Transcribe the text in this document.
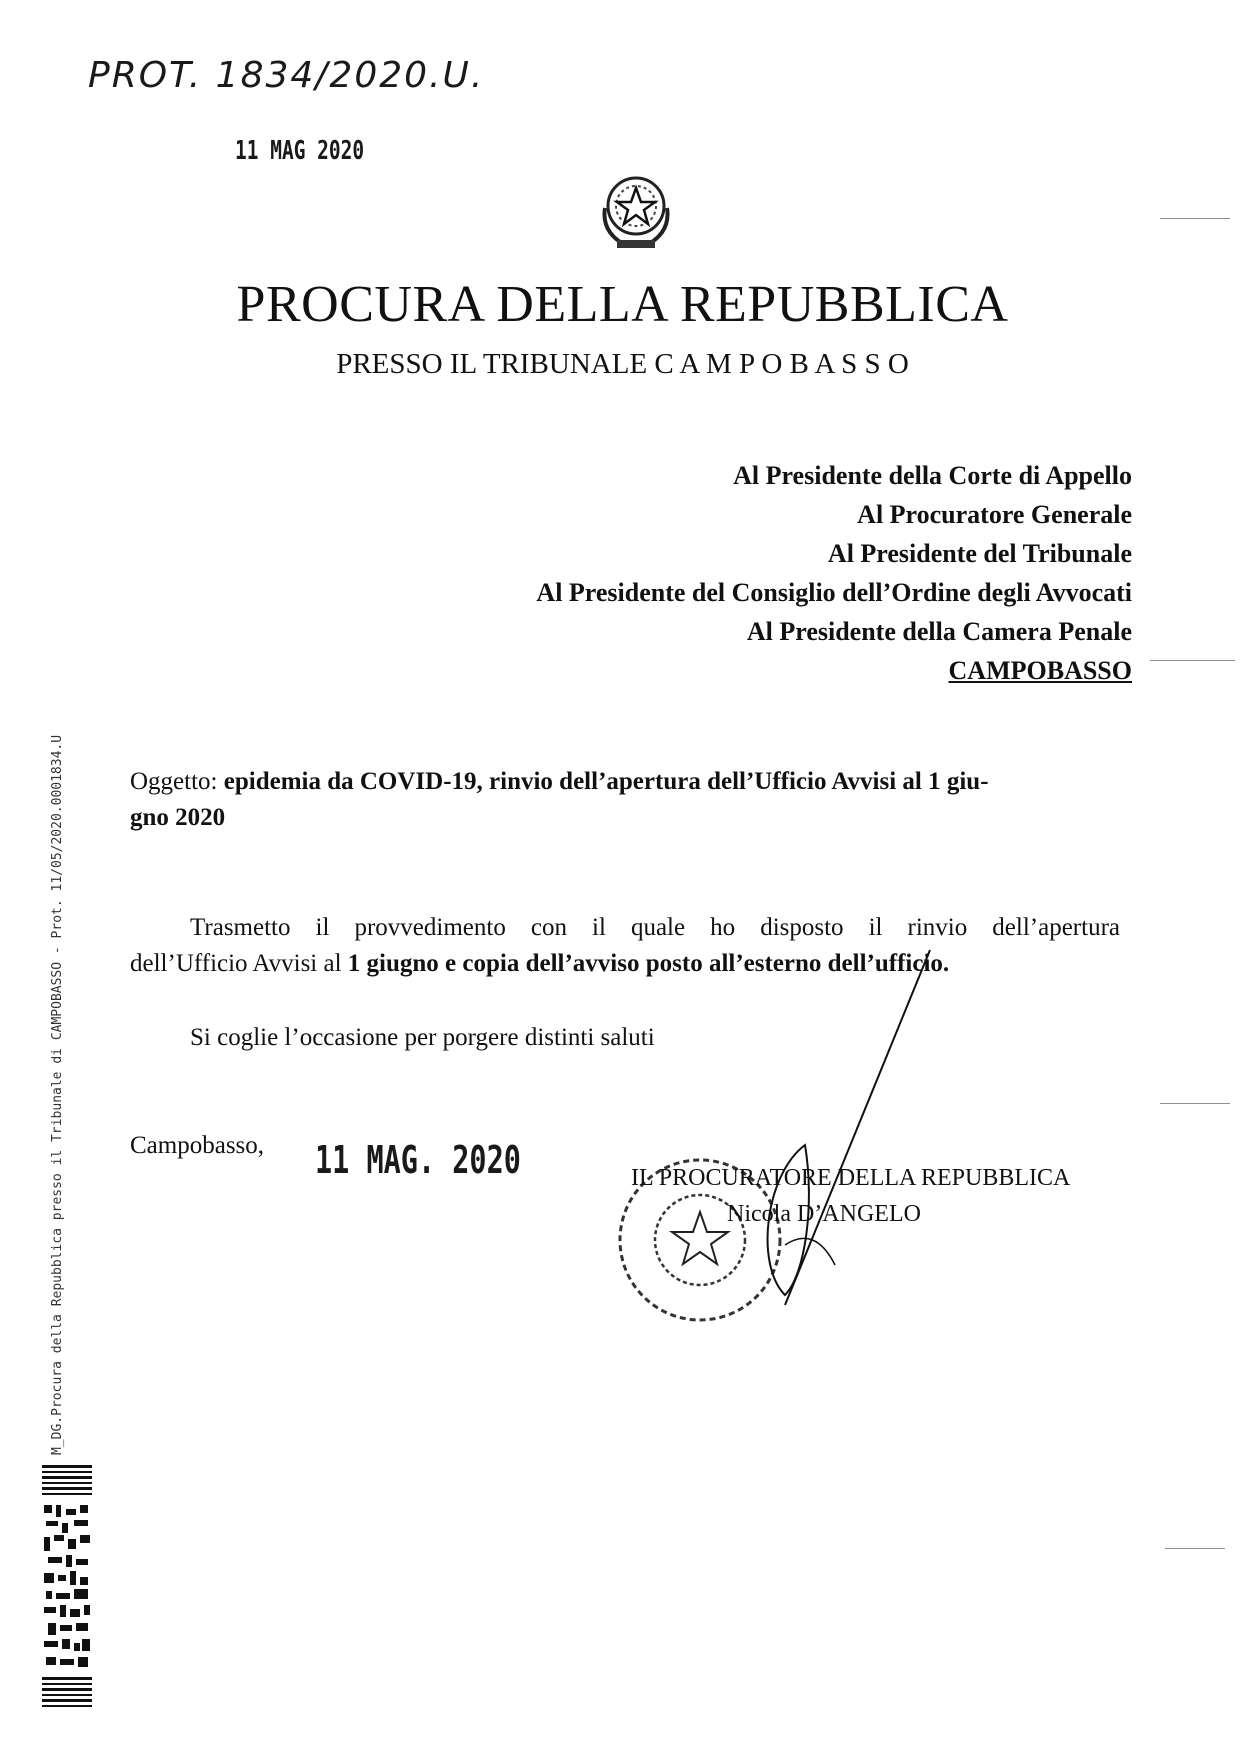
PROT. 1834/2020.U.
11 MAG 2020
PROCURA DELLA REPUBBLICA
PRESSO IL TRIBUNALE C A M P O B A S S O
Al Presidente della Corte di Appello
Al Procuratore Generale
Al Presidente del Tribunale
Al Presidente del Consiglio dell’Ordine degli Avvocati
Al Presidente della Camera Penale
CAMPOBASSO
Oggetto: epidemia da COVID-19, rinvio dell’apertura dell’Ufficio Avvisi al 1 giu-
gno 2020
Trasmetto il provvedimento con il quale ho disposto il rinvio dell’apertura
dell’Ufficio Avvisi al 1 giugno e copia dell’avviso posto all’esterno dell’ufficio.
Si coglie l’occasione per porgere distinti saluti
Campobasso, 11 MAG. 2020	IL PROCURATORE DELLA REPUBBLICA
Nicola D’ANGELO
M_DG.Procura della Repubblica presso il Tribunale di CAMPOBASSO - Prot. 11/05/2020.0001834.U
